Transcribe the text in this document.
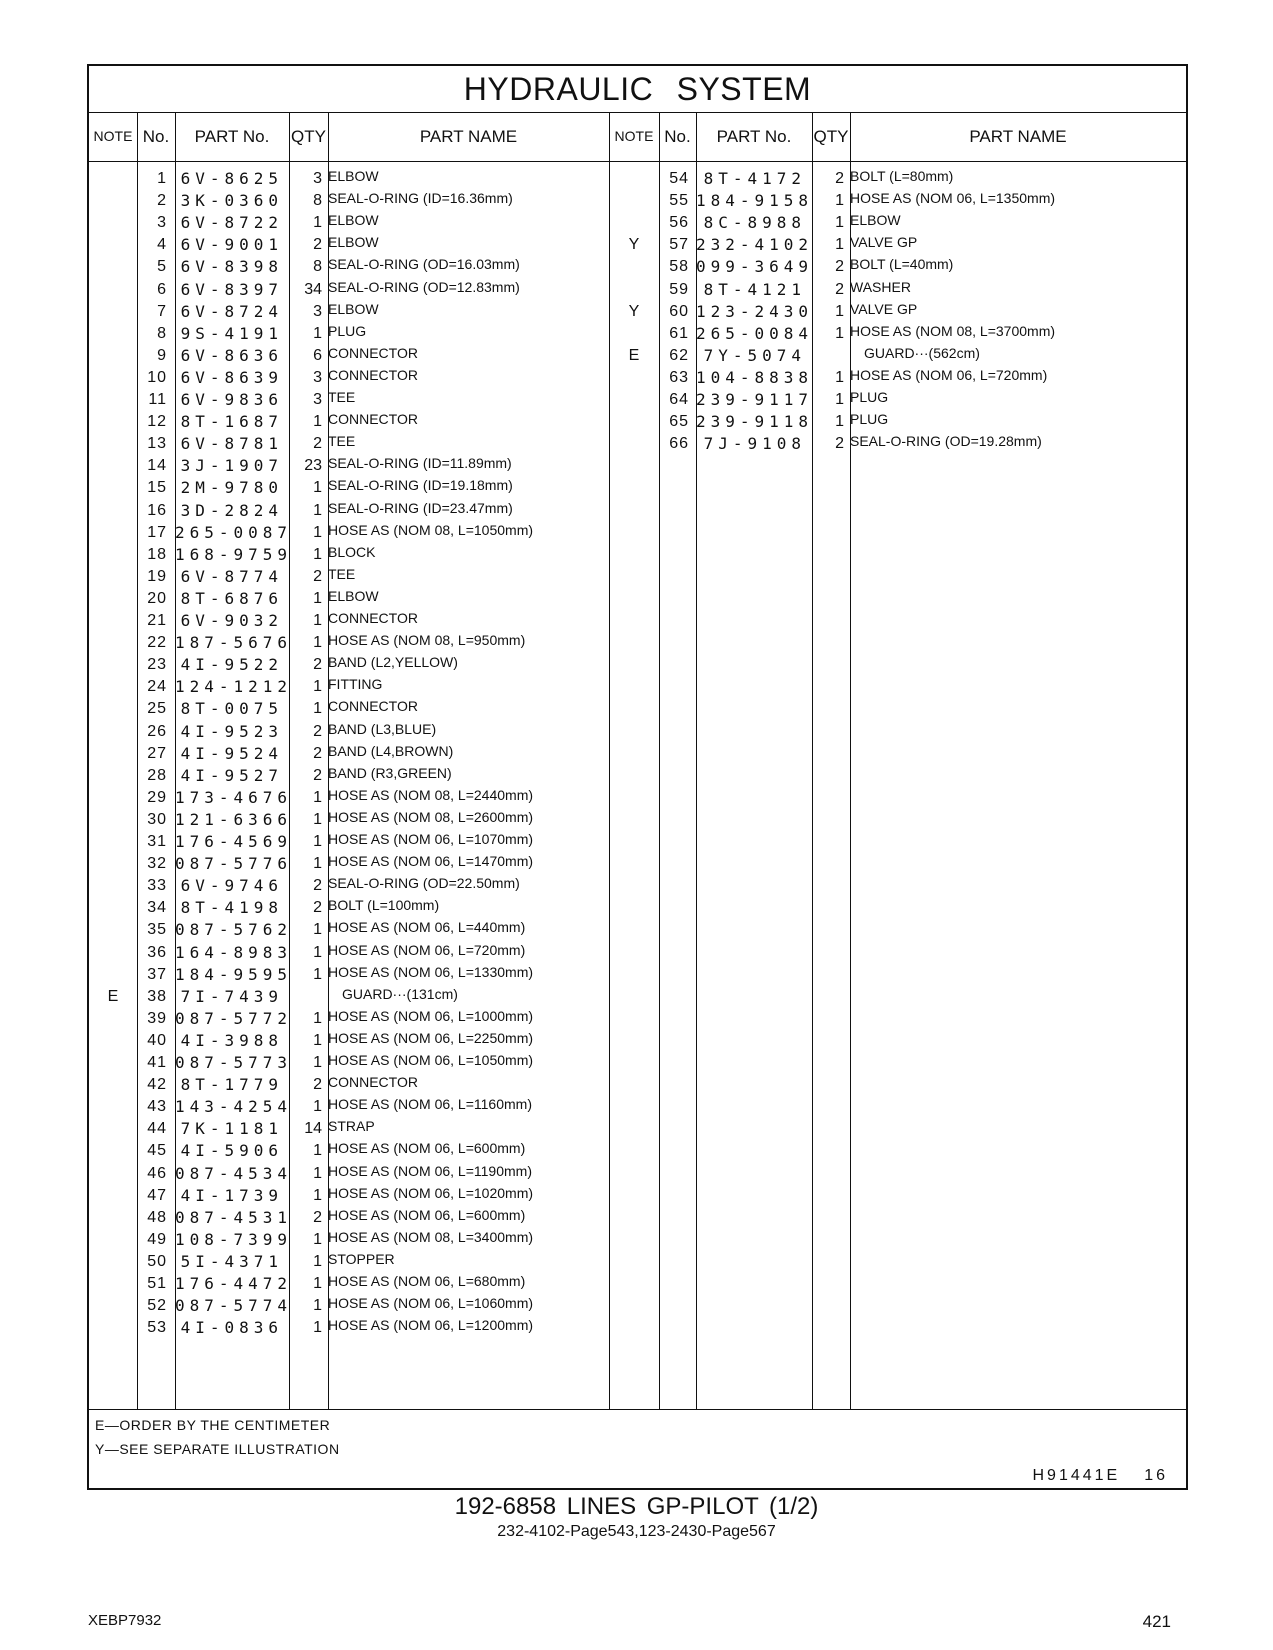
HYDRAULIC SYSTEM
NOTE No.	PART No.	QTY	PART NAME	NOTE No.	PART No.	QTY	PART NAME
1 6V-8625	3 ELBOW
2 3K-0360	8 SEAL-O-RING (ID=16.36mm)
3 6V-8722	1 ELBOW
4 6V-9001	2 ELBOW
5 6V-8398	8 SEAL-O-RING (OD=16.03mm)
6 6V-8397	34 SEAL-O-RING (OD=12.83mm)
7 6V-8724	3 ELBOW
8 9S-4191	1 PLUG
9 6V-8636	6 CONNECTOR
10 6V-8639	3 CONNECTOR
11 6V-9836	3 TEE
12 8T-1687	1 CONNECTOR
13 6V-8781	2 TEE
14 3J-1907	23 SEAL-O-RING (ID=11.89mm)
15 2M-9780	1 SEAL-O-RING (ID=19.18mm)
16 3D-2824	1 SEAL-O-RING (ID=23.47mm)
17 265-0087	1 HOSE AS (NOM 08, L=1050mm)
18 168-9759	1 BLOCK
19 6V-8774	2 TEE
20 8T-6876	1 ELBOW
21 6V-9032	1 CONNECTOR
22 187-5676	1 HOSE AS (NOM 08, L=950mm)
23 4I-9522	2 BAND (L2,YELLOW)
24 124-1212	1 FITTING
25 8T-0075	1 CONNECTOR
26 4I-9523	2 BAND (L3,BLUE)
27 4I-9524	2 BAND (L4,BROWN)
28 4I-9527	2 BAND (R3,GREEN)
29 173-4676	1 HOSE AS (NOM 08, L=2440mm)
30 121-6366	1 HOSE AS (NOM 08, L=2600mm)
31 176-4569	1 HOSE AS (NOM 06, L=1070mm)
32 087-5776	1 HOSE AS (NOM 06, L=1470mm)
33 6V-9746	2 SEAL-O-RING (OD=22.50mm)
34 8T-4198	2 BOLT (L=100mm)
35 087-5762	1 HOSE AS (NOM 06, L=440mm)
36 164-8983	1 HOSE AS (NOM 06, L=720mm)
37 184-9595	1 HOSE AS (NOM 06, L=1330mm)
E	38 7I-7439	GUARD···(131cm)
39 087-5772	1 HOSE AS (NOM 06, L=1000mm)
40 4I-3988	1 HOSE AS (NOM 06, L=2250mm)
41 087-5773	1 HOSE AS (NOM 06, L=1050mm)
42 8T-1779	2 CONNECTOR
43 143-4254	1 HOSE AS (NOM 06, L=1160mm)
44 7K-1181	14 STRAP
45 4I-5906	1 HOSE AS (NOM 06, L=600mm)
46 087-4534	1 HOSE AS (NOM 06, L=1190mm)
47 4I-1739	1 HOSE AS (NOM 06, L=1020mm)
48 087-4531	2 HOSE AS (NOM 06, L=600mm)
49 108-7399	1 HOSE AS (NOM 08, L=3400mm)
50 5I-4371	1 STOPPER
51 176-4472	1 HOSE AS (NOM 06, L=680mm)
52 087-5774	1 HOSE AS (NOM 06, L=1060mm)
53 4I-0836	1 HOSE AS (NOM 06, L=1200mm)
54 8T-4172	2 BOLT (L=80mm)
55 184-9158	1 HOSE AS (NOM 06, L=1350mm)
56 8C-8988	1 ELBOW
Y	57 232-4102	1 VALVE GP
58 099-3649	2 BOLT (L=40mm)
59 8T-4121	2 WASHER
Y	60 123-2430	1 VALVE GP
61 265-0084	1 HOSE AS (NOM 08, L=3700mm)
E	62 7Y-5074	GUARD···(562cm)
63 104-8838	1 HOSE AS (NOM 06, L=720mm)
64 239-9117	1 PLUG
65 239-9118	1 PLUG
66 7J-9108	2 SEAL-O-RING (OD=19.28mm)
E—ORDER BY THE CENTIMETER
Y—SEE SEPARATE ILLUSTRATION
H91441E 16
192-6858 LINES GP-PILOT (1/2)
232-4102-Page543,123-2430-Page567
XEBP7932	421
